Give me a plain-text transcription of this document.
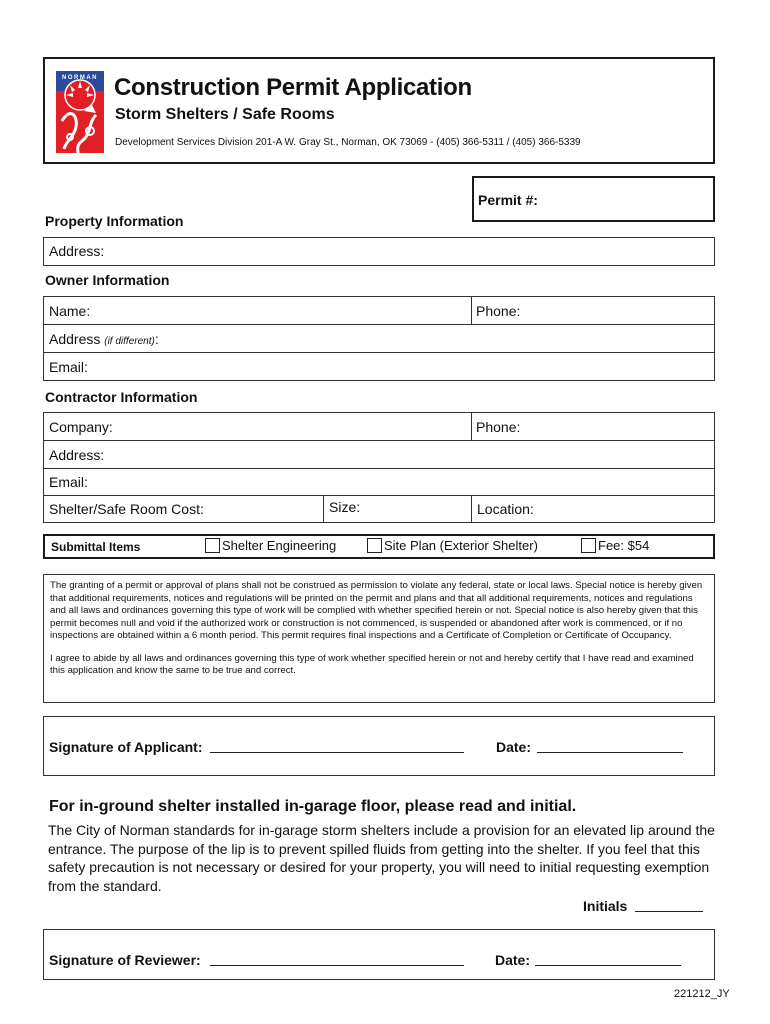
NORMAN Construction Permit Application
Storm Shelters / Safe Rooms
Development Services Division 201-A W. Gray St., Norman, OK 73069 - (405) 366-5311 / (405) 366-5339
Permit #:
Property Information
Address:
Owner Information
Name:	Phone:
Address (if different):
Email:
Contractor Information
Company:	Phone:
Address:
Email:
Shelter/Safe Room Cost:	Size:	Location:
Submittal Items	Shelter Engineering	Site Plan (Exterior Shelter)	Fee: $54

The granting of a permit or approval of plans shall not be construed as permission to violate any federal, state or local laws. Special notice is hereby given that additional requirements, notices and regulations will be printed on the permit and plans and that all additional requirements, notices and regulations and all laws and ordinances governing this type of work will be complied with whether specified herein or not. Special notice is also hereby given that this permit becomes null and void if the authorized work or construction is not commenced, is suspended or abandoned after work is commenced, or if no inspections are obtained within a 6 month period. This permit requires final inspections and a Certificate of Completion or Certificate of Occupancy.

I agree to abide by all laws and ordinances governing this type of work whether specified herein or not and hereby certify that I have read and examined this application and know the same to be true and correct.

Signature of Applicant:	Date:
For in-ground shelter installed in-garage floor, please read and initial.
The City of Norman standards for in-garage storm shelters include a provision for an elevated lip around the entrance. The purpose of the lip is to prevent spilled fluids from getting into the shelter. If you feel that this safety precaution is not necessary or desired for your property, you will need to initial requesting exemption from the standard.
Initials
Signature of Reviewer:	Date:
221212_JY
